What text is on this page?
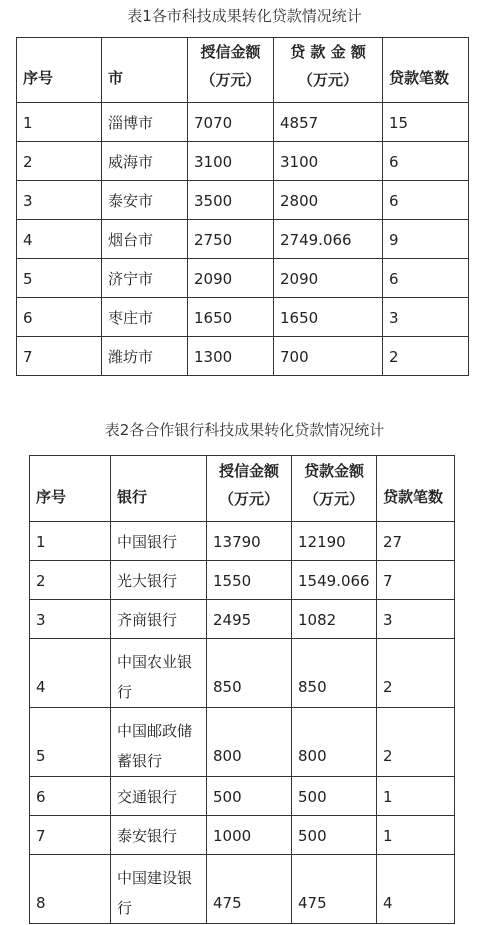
表1各市科技成果转化贷款情况统计
序号	市	授信金额（万元）	贷 款 金 额（万元）	贷款笔数
1	淄博市	7070	4857	15
2	威海市	3100	3100	6
3	泰安市	3500	2800	6
4	烟台市	2750	2749.066	9
5	济宁市	2090	2090	6
6	枣庄市	1650	1650	3
7	潍坊市	1300	700	2
表2各合作银行科技成果转化贷款情况统计
序号	银行	授信金额（万元）	贷款金额（万元）	贷款笔数
1	中国银行	13790	12190	27
2	光大银行	1550	1549.066	7
3	齐商银行	2495	1082	3
4	中国农业银行	850	850	2
5	中国邮政储蓄银行	800	800	2
6	交通银行	500	500	1
7	泰安银行	1000	500	1
8	中国建设银行	475	475	4
